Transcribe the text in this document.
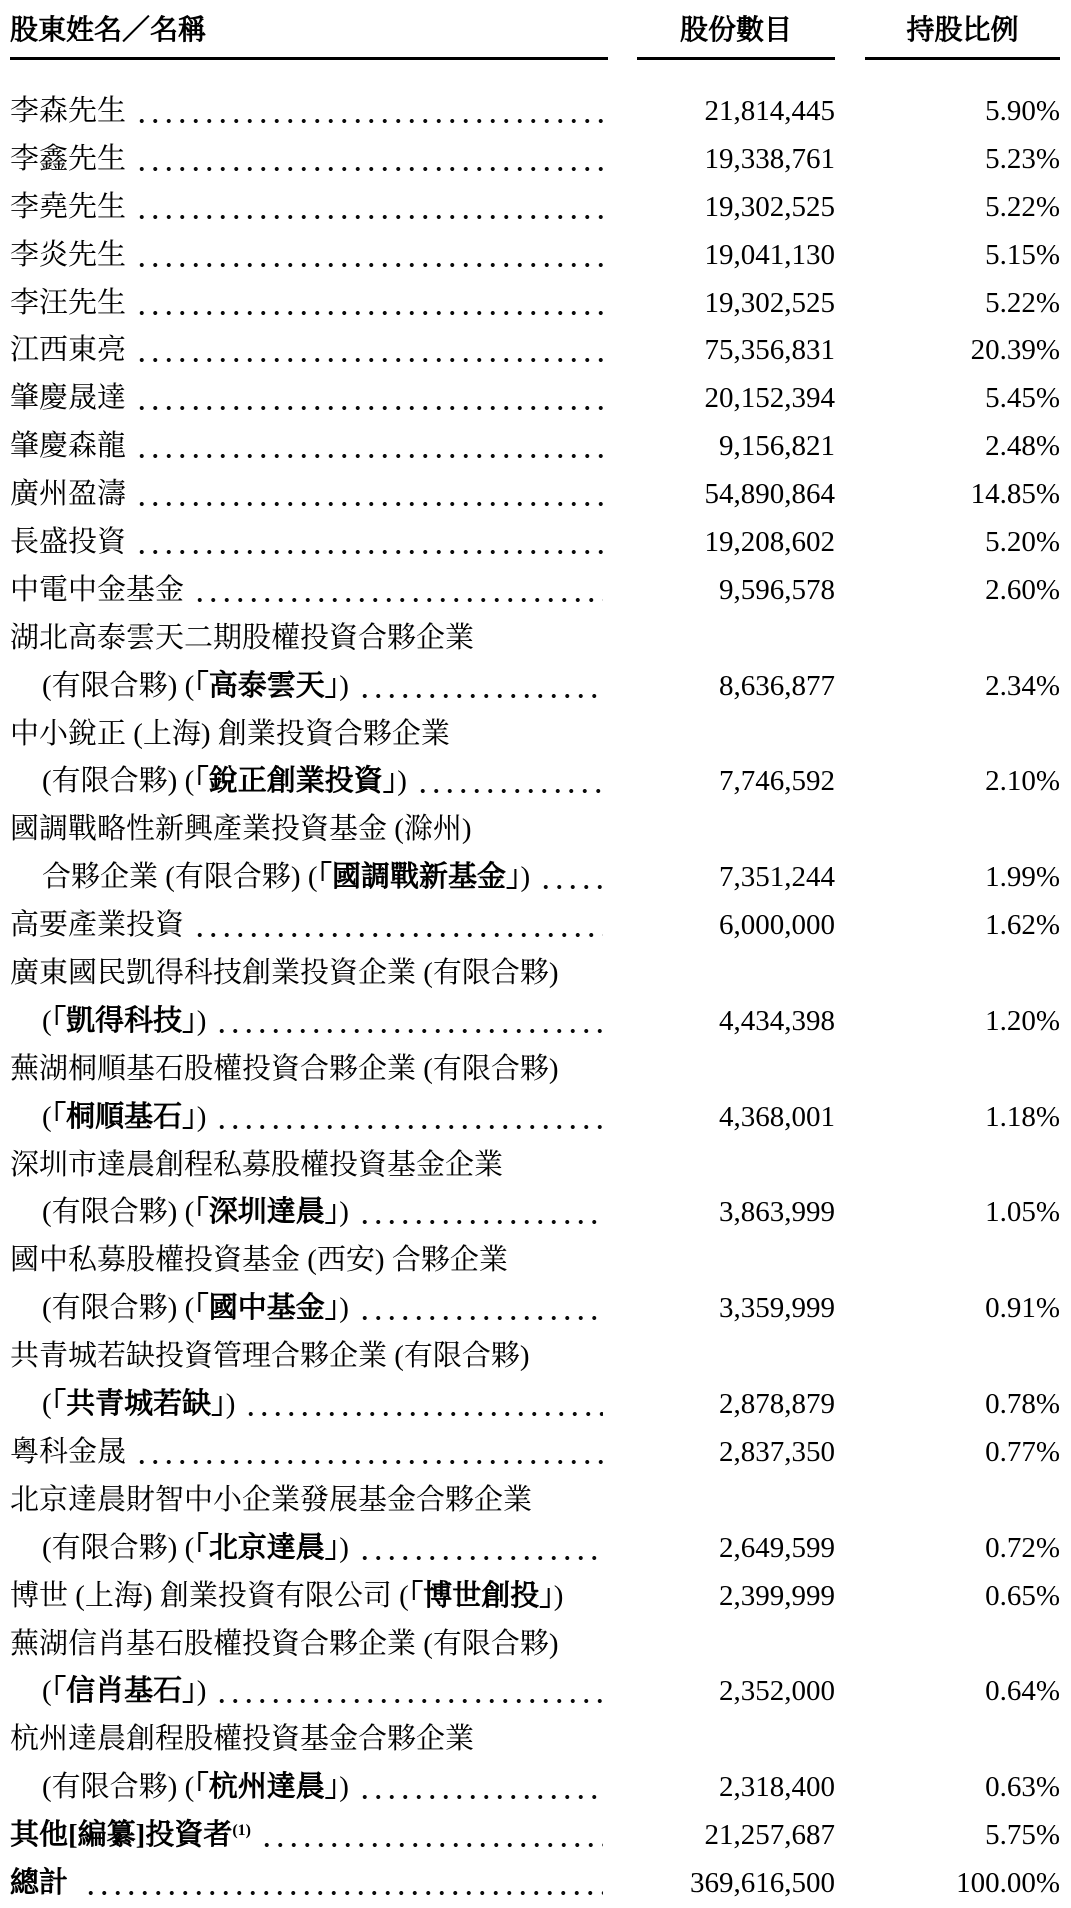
股東姓名／名稱	股份數目	持股比例
李森先生	21,814,445	5.90%
李鑫先生	19,338,761	5.23%
李堯先生	19,302,525	5.22%
李炎先生	19,041,130	5.15%
李汪先生	19,302,525	5.22%
江西東亮	75,356,831	20.39%
肇慶晟達	20,152,394	5.45%
肇慶森龍	9,156,821	2.48%
廣州盈濤	54,890,864	14.85%
長盛投資	19,208,602	5.20%
中電中金基金	9,596,578	2.60%
湖北高泰雲天二期股權投資合夥企業
(有限合夥) (「高泰雲天」)	8,636,877	2.34%
中小銳正 (上海) 創業投資合夥企業
(有限合夥) (「銳正創業投資」)	7,746,592	2.10%
國調戰略性新興產業投資基金 (滁州)
合夥企業 (有限合夥) (「國調戰新基金」)	7,351,244	1.99%
高要產業投資	6,000,000	1.62%
廣東國民凱得科技創業投資企業 (有限合夥)
(「凱得科技」)	4,434,398	1.20%
蕪湖桐順基石股權投資合夥企業 (有限合夥)
(「桐順基石」)	4,368,001	1.18%
深圳市達晨創程私募股權投資基金企業
(有限合夥) (「深圳達晨」)	3,863,999	1.05%
國中私募股權投資基金 (西安) 合夥企業
(有限合夥) (「國中基金」)	3,359,999	0.91%
共青城若缺投資管理合夥企業 (有限合夥)
(「共青城若缺」)	2,878,879	0.78%
粵科金晟	2,837,350	0.77%
北京達晨財智中小企業發展基金合夥企業
(有限合夥) (「北京達晨」)	2,649,599	0.72%
博世 (上海) 創業投資有限公司 (「博世創投」)	2,399,999	0.65%
蕪湖信肖基石股權投資合夥企業 (有限合夥)
(「信肖基石」)	2,352,000	0.64%
杭州達晨創程股權投資基金合夥企業
(有限合夥) (「杭州達晨」)	2,318,400	0.63%
其他[編纂]投資者$^{(1)}$	21,257,687	5.75%
總計	369,616,500	100.00%
